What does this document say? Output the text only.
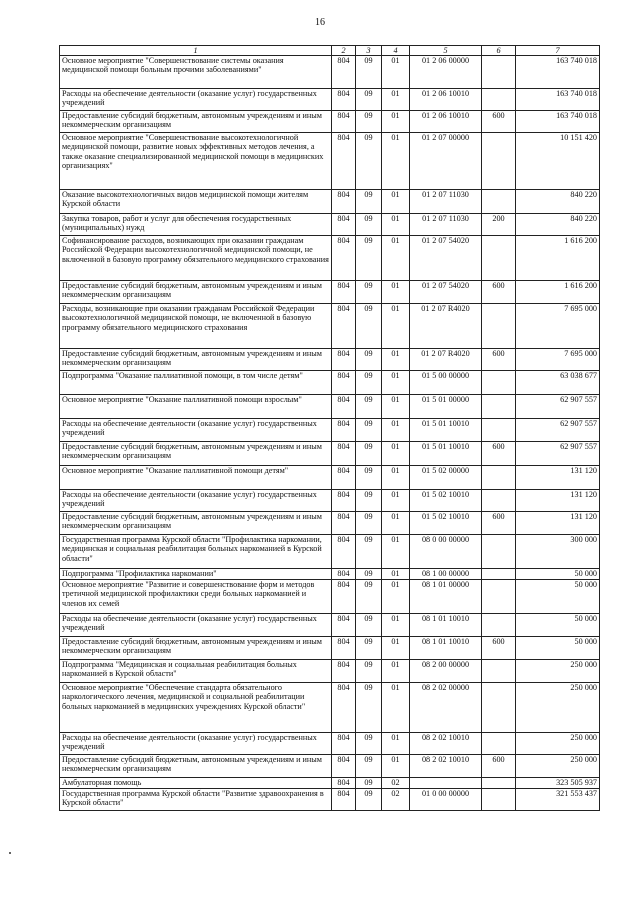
16
1	2	3	4	5	6	7
Основное мероприятие "Совершенствование системы оказания медицинской помощи больным прочими заболеваниями"	804	09	01	01 2 06 00000		163 740 018
Расходы на обеспечение деятельности (оказание услуг) государственных учреждений	804	09	01	01 2 06 10010		163 740 018
Предоставление субсидий бюджетным, автономным учреждениям и иным некоммерческим организациям	804	09	01	01 2 06 10010	600	163 740 018
Основное мероприятие "Совершенствование высокотехнологичной медицинской помощи, развитие новых эффективных методов лечения, а также оказание специализированной медицинской помощи в медицинских организациях"	804	09	01	01 2 07 00000		10 151 420
Оказание высокотехнологичных видов медицинской помощи жителям Курской области	804	09	01	01 2 07 11030		840 220
Закупка товаров, работ и услуг для обеспечения государственных (муниципальных) нужд	804	09	01	01 2 07 11030	200	840 220
Софинансирование расходов, возникающих при оказании гражданам Российской Федерации высокотехнологичной медицинской помощи, не включенной в базовую программу обязательного медицинского страхования	804	09	01	01 2 07 54020		1 616 200
Предоставление субсидий бюджетным, автономным учреждениям и иным некоммерческим организациям	804	09	01	01 2 07 54020	600	1 616 200
Расходы, возникающие при оказании гражданам Российской Федерации высокотехнологичной медицинской помощи, не включенной в базовую программу обязательного медицинского страхования	804	09	01	01 2 07 R4020		7 695 000
Предоставление субсидий бюджетным, автономным учреждениям и иным некоммерческим организациям	804	09	01	01 2 07 R4020	600	7 695 000
Подпрограмма "Оказание паллиативной помощи, в том числе детям"	804	09	01	01 5 00 00000		63 038 677
Основное мероприятие "Оказание паллиативной помощи взрослым"	804	09	01	01 5 01 00000		62 907 557
Расходы на обеспечение деятельности (оказание услуг) государственных учреждений	804	09	01	01 5 01 10010		62 907 557
Предоставление субсидий бюджетным, автономным учреждениям и иным некоммерческим организациям	804	09	01	01 5 01 10010	600	62 907 557
Основное мероприятие "Оказание паллиативной помощи детям"	804	09	01	01 5 02 00000		131 120
Расходы на обеспечение деятельности (оказание услуг) государственных учреждений	804	09	01	01 5 02 10010		131 120
Предоставление субсидий бюджетным, автономным учреждениям и иным некоммерческим организациям	804	09	01	01 5 02 10010	600	131 120
Государственная программа Курской области "Профилактика наркомании, медицинская и социальная реабилитация больных наркоманией в Курской области"	804	09	01	08 0 00 00000		300 000
Подпрограмма "Профилактика наркомании"	804	09	01	08 1 00 00000		50 000
Основное мероприятие "Развитие и совершенствование форм и методов третичной медицинской профилактики среди больных наркоманией и членов их семей	804	09	01	08 1 01 00000		50 000
Расходы на обеспечение деятельности (оказание услуг) государственных учреждений	804	09	01	08 1 01 10010		50 000
Предоставление субсидий бюджетным, автономным учреждениям и иным некоммерческим организациям	804	09	01	08 1 01 10010	600	50 000
Подпрограмма "Медицинская и социальная реабилитация больных наркоманией в Курской области"	804	09	01	08 2 00 00000		250 000
Основное мероприятие "Обеспечение стандарта обязательного наркологического лечения, медицинской и социальной реабилитации больных наркоманией в медицинских учреждениях Курской области"	804	09	01	08 2 02 00000		250 000
Расходы на обеспечение деятельности (оказание услуг) государственных учреждений	804	09	01	08 2 02 10010		250 000
Предоставление субсидий бюджетным, автономным учреждениям и иным некоммерческим организациям	804	09	01	08 2 02 10010	600	250 000
Амбулаторная помощь	804	09	02			323 505 937
Государственная программа Курской области "Развитие здравоохранения в Курской области"	804	09	02	01 0 00 00000		321 553 437
